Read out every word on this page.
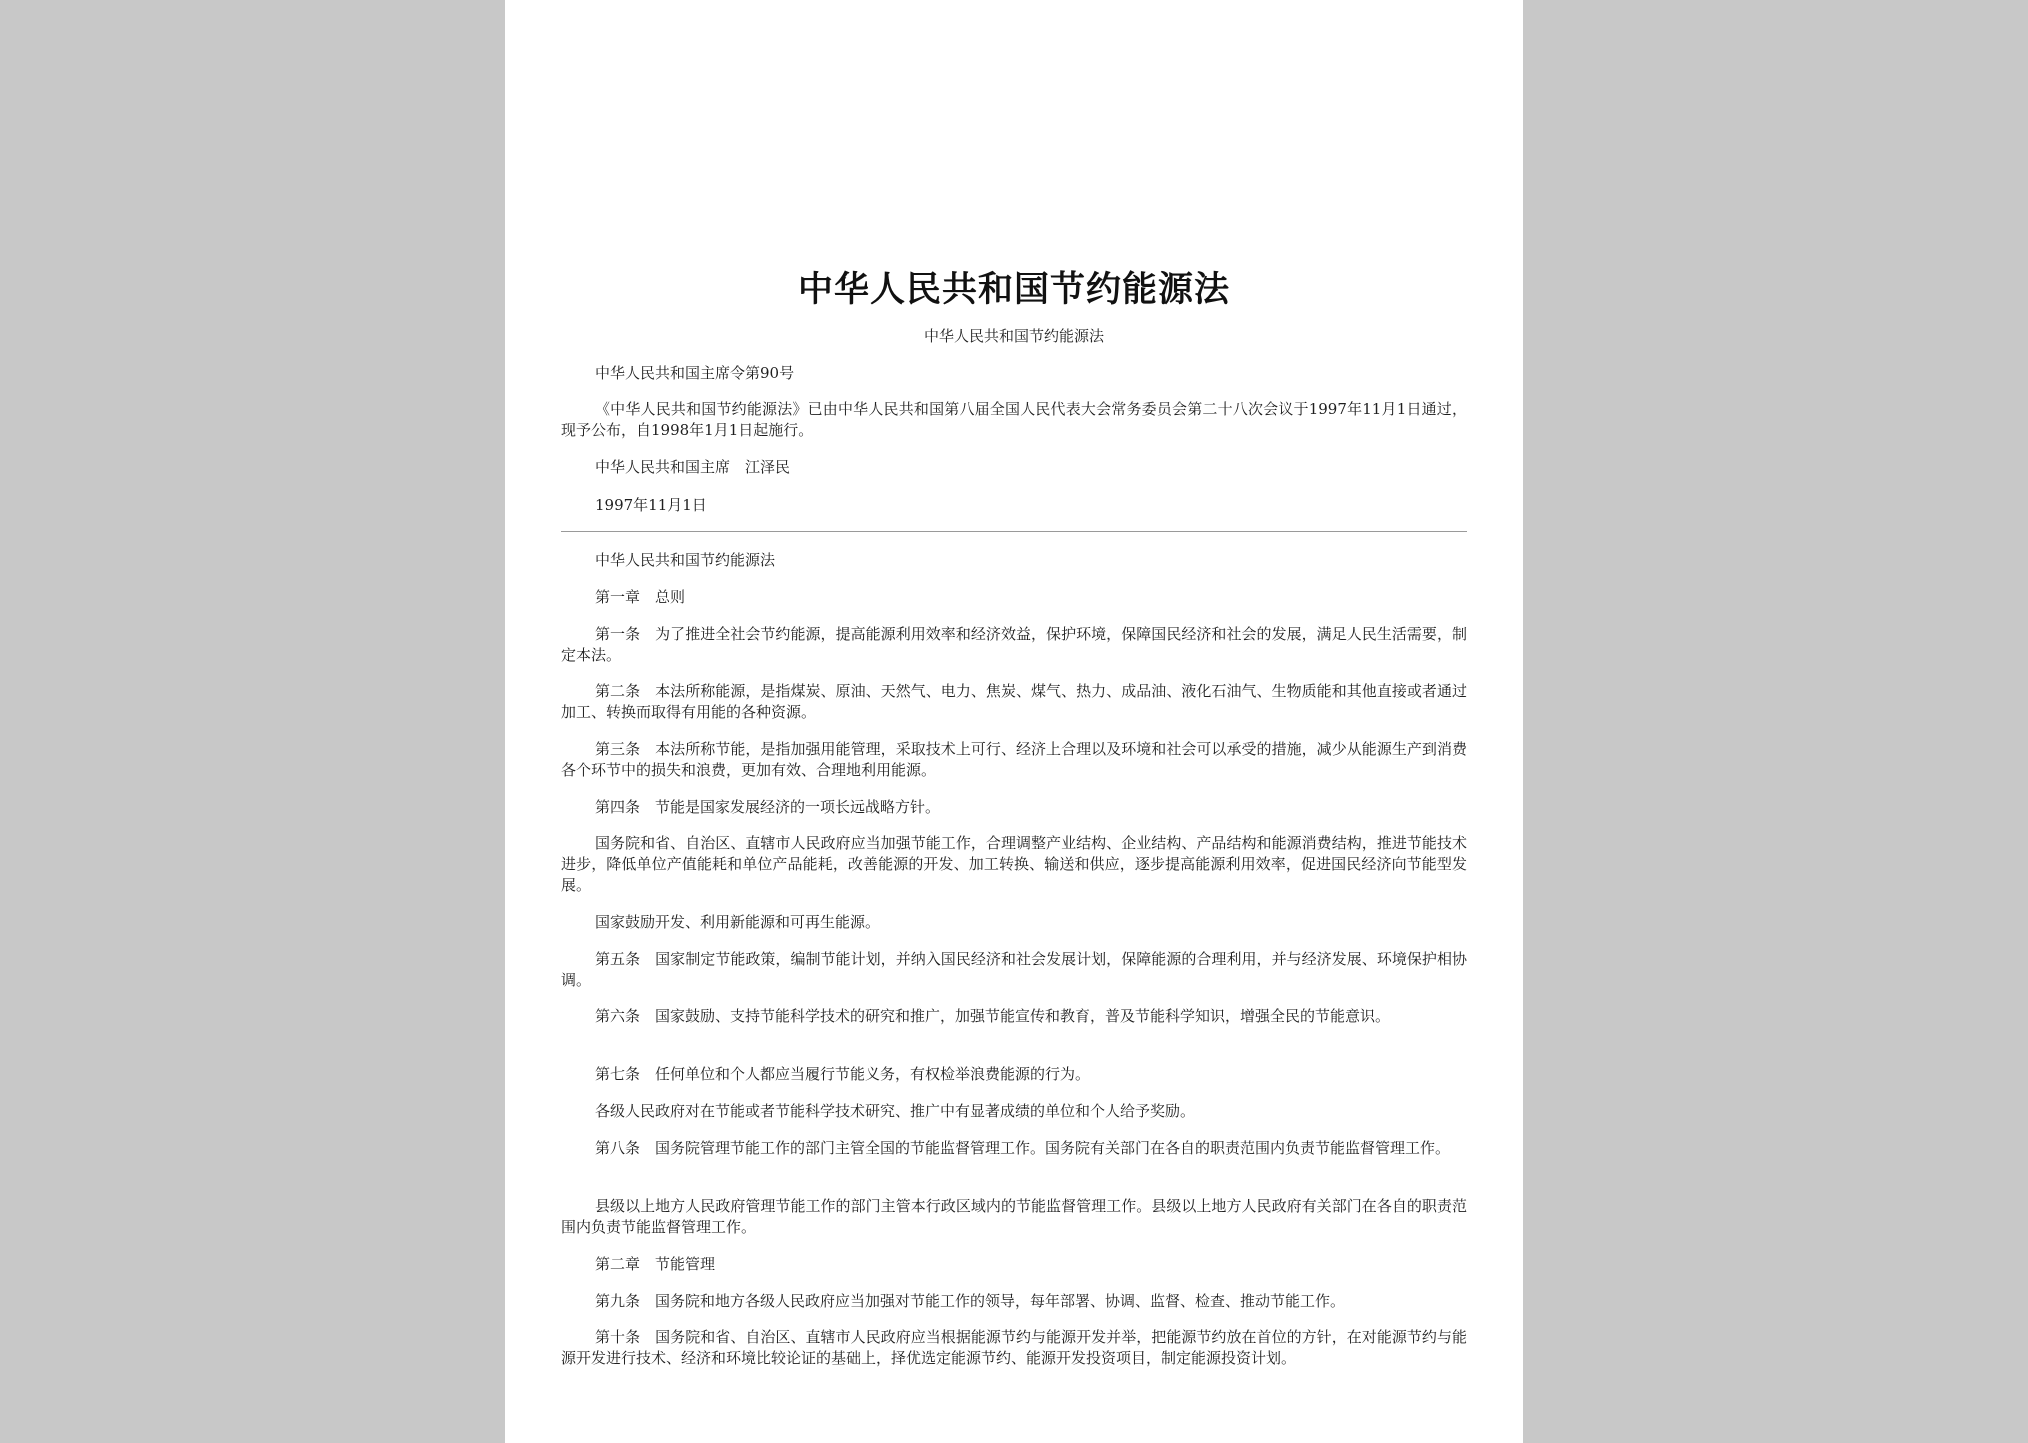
中华人民共和国节约能源法
中华人民共和国节约能源法
中华人民共和国主席令第90号
《中华人民共和国节约能源法》已由中华人民共和国第八届全国人民代表大会常务委员会第二十八次会议于1997年11月1日通过，现予公布，自1998年1月1日起施行。
中华人民共和国主席　江泽民
1997年11月1日
中华人民共和国节约能源法
第一章　总则
第一条　为了推进全社会节约能源，提高能源利用效率和经济效益，保护环境，保障国民经济和社会的发展，满足人民生活需要，制定本法。
第二条　本法所称能源，是指煤炭、原油、天然气、电力、焦炭、煤气、热力、成品油、液化石油气、生物质能和其他直接或者通过加工、转换而取得有用能的各种资源。
第三条　本法所称节能，是指加强用能管理，采取技术上可行、经济上合理以及环境和社会可以承受的措施，减少从能源生产到消费各个环节中的损失和浪费，更加有效、合理地利用能源。
第四条　节能是国家发展经济的一项长远战略方针。
国务院和省、自治区、直辖市人民政府应当加强节能工作，合理调整产业结构、企业结构、产品结构和能源消费结构，推进节能技术进步，降低单位产值能耗和单位产品能耗，改善能源的开发、加工转换、输送和供应，逐步提高能源利用效率，促进国民经济向节能型发展。
国家鼓励开发、利用新能源和可再生能源。
第五条　国家制定节能政策，编制节能计划，并纳入国民经济和社会发展计划，保障能源的合理利用，并与经济发展、环境保护相协调。
第六条　国家鼓励、支持节能科学技术的研究和推广，加强节能宣传和教育，普及节能科学知识，增强全民的节能意识。
第七条　任何单位和个人都应当履行节能义务，有权检举浪费能源的行为。
各级人民政府对在节能或者节能科学技术研究、推广中有显著成绩的单位和个人给予奖励。
第八条　国务院管理节能工作的部门主管全国的节能监督管理工作。国务院有关部门在各自的职责范围内负责节能监督管理工作。
县级以上地方人民政府管理节能工作的部门主管本行政区域内的节能监督管理工作。县级以上地方人民政府有关部门在各自的职责范围内负责节能监督管理工作。
第二章　节能管理
第九条　国务院和地方各级人民政府应当加强对节能工作的领导，每年部署、协调、监督、检查、推动节能工作。
第十条　国务院和省、自治区、直辖市人民政府应当根据能源节约与能源开发并举，把能源节约放在首位的方针，在对能源节约与能源开发进行技术、经济和环境比较论证的基础上，择优选定能源节约、能源开发投资项目，制定能源投资计划。
